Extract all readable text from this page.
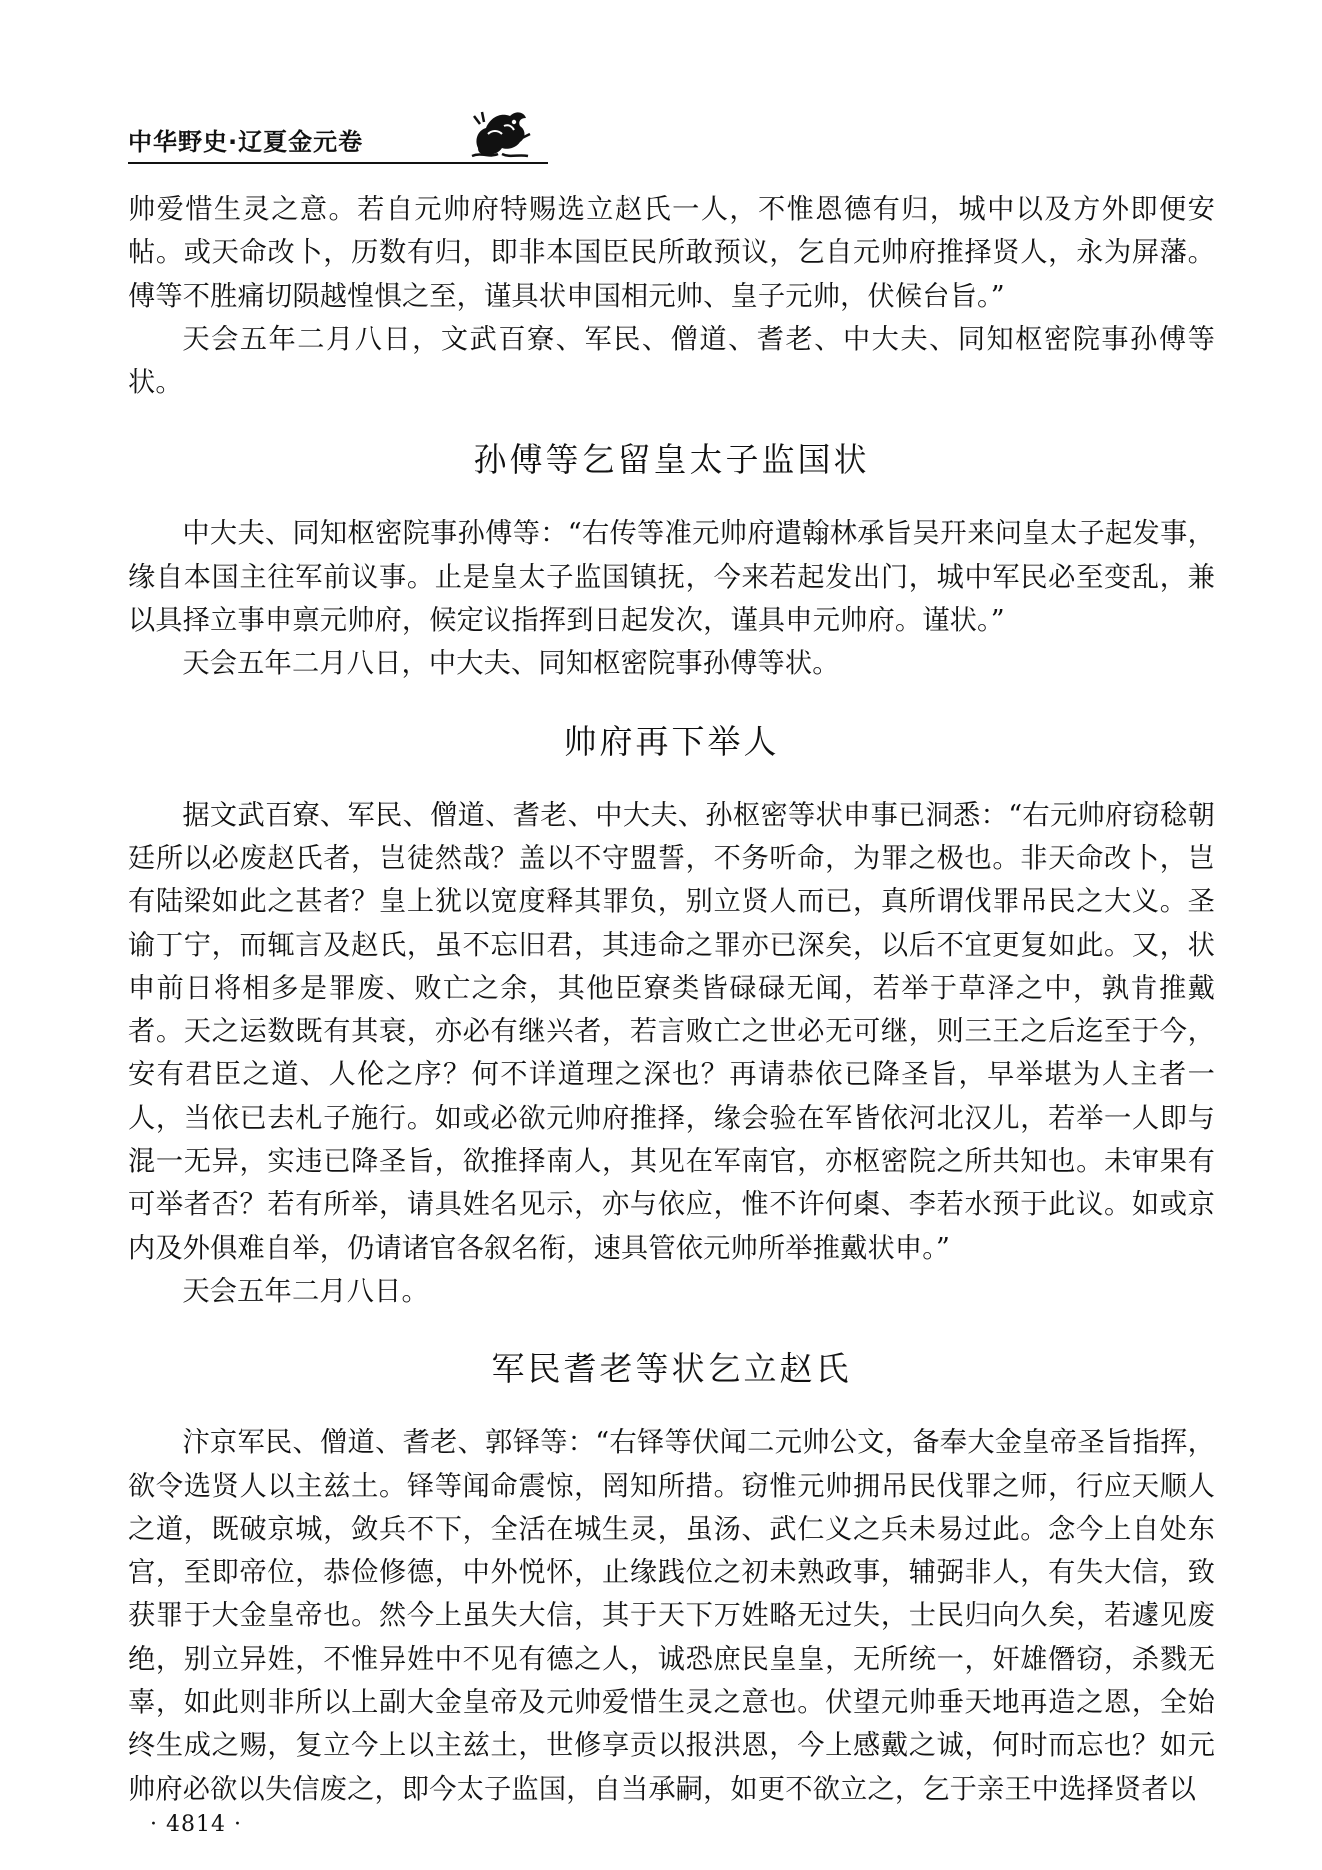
中华野史·辽夏金元卷

帅爱惜生灵之意。若自元帅府特赐选立赵氏一人，不惟恩德有归，城中以及方外即便安帖。或天命改卜，历数有归，即非本国臣民所敢预议，乞自元帅府推择贤人，永为屏藩。傅等不胜痛切陨越惶惧之至，谨具状申国相元帅、皇子元帅，伏候台旨。”

天会五年二月八日，文武百寮、军民、僧道、耆老、中大夫、同知枢密院事孙傅等状。

孙傅等乞留皇太子监国状

中大夫、同知枢密院事孙傅等：“右传等准元帅府遣翰林承旨吴幵来问皇太子起发事，缘自本国主往军前议事。止是皇太子监国镇抚，今来若起发出门，城中军民必至变乱，兼以具择立事申禀元帅府，候定议指挥到日起发次，谨具申元帅府。谨状。”

天会五年二月八日，中大夫、同知枢密院事孙傅等状。

帅府再下举人

据文武百寮、军民、僧道、耆老、中大夫、孙枢密等状申事已洞悉：“右元帅府窃稔朝廷所以必废赵氏者，岂徒然哉？盖以不守盟誓，不务听命，为罪之极也。非天命改卜，岂有陆梁如此之甚者？皇上犹以宽度释其罪负，别立贤人而已，真所谓伐罪吊民之大义。圣谕丁宁，而辄言及赵氏，虽不忘旧君，其违命之罪亦已深矣，以后不宜更复如此。又，状申前日将相多是罪废、败亡之余，其他臣寮类皆碌碌无闻，若举于草泽之中，孰肯推戴者。天之运数既有其衰，亦必有继兴者，若言败亡之世必无可继，则三王之后迄至于今，安有君臣之道、人伦之序？何不详道理之深也？再请恭依已降圣旨，早举堪为人主者一人，当依已去札子施行。如或必欲元帅府推择，缘会验在军皆依河北汉儿，若举一人即与混一无异，实违已降圣旨，欲推择南人，其见在军南官，亦枢密院之所共知也。未审果有可举者否？若有所举，请具姓名见示，亦与依应，惟不许何㮚、李若水预于此议。如或京内及外俱难自举，仍请诸官各叙名衔，速具管依元帅所举推戴状申。”

天会五年二月八日。

军民耆老等状乞立赵氏

汴京军民、僧道、耆老、郭铎等：“右铎等伏闻二元帅公文，备奉大金皇帝圣旨指挥，欲令选贤人以主兹土。铎等闻命震惊，罔知所措。窃惟元帅拥吊民伐罪之师，行应天顺人之道，既破京城，敛兵不下，全活在城生灵，虽汤、武仁义之兵未易过此。念今上自处东宫，至即帝位，恭俭修德，中外悦怀，止缘践位之初未熟政事，辅弼非人，有失大信，致获罪于大金皇帝也。然今上虽失大信，其于天下万姓略无过失，士民归向久矣，若遽见废绝，别立异姓，不惟异姓中不见有德之人，诚恐庶民皇皇，无所统一，奸雄僭窃，杀戮无辜，如此则非所以上副大金皇帝及元帅爱惜生灵之意也。伏望元帅垂天地再造之恩，全始终生成之赐，复立今上以主兹土，世修享贡以报洪恩，今上感戴之诚，何时而忘也？如元帅府必欲以失信废之，即今太子监国，自当承嗣，如更不欲立之，乞于亲王中选择贤者以

· 4814 ·
